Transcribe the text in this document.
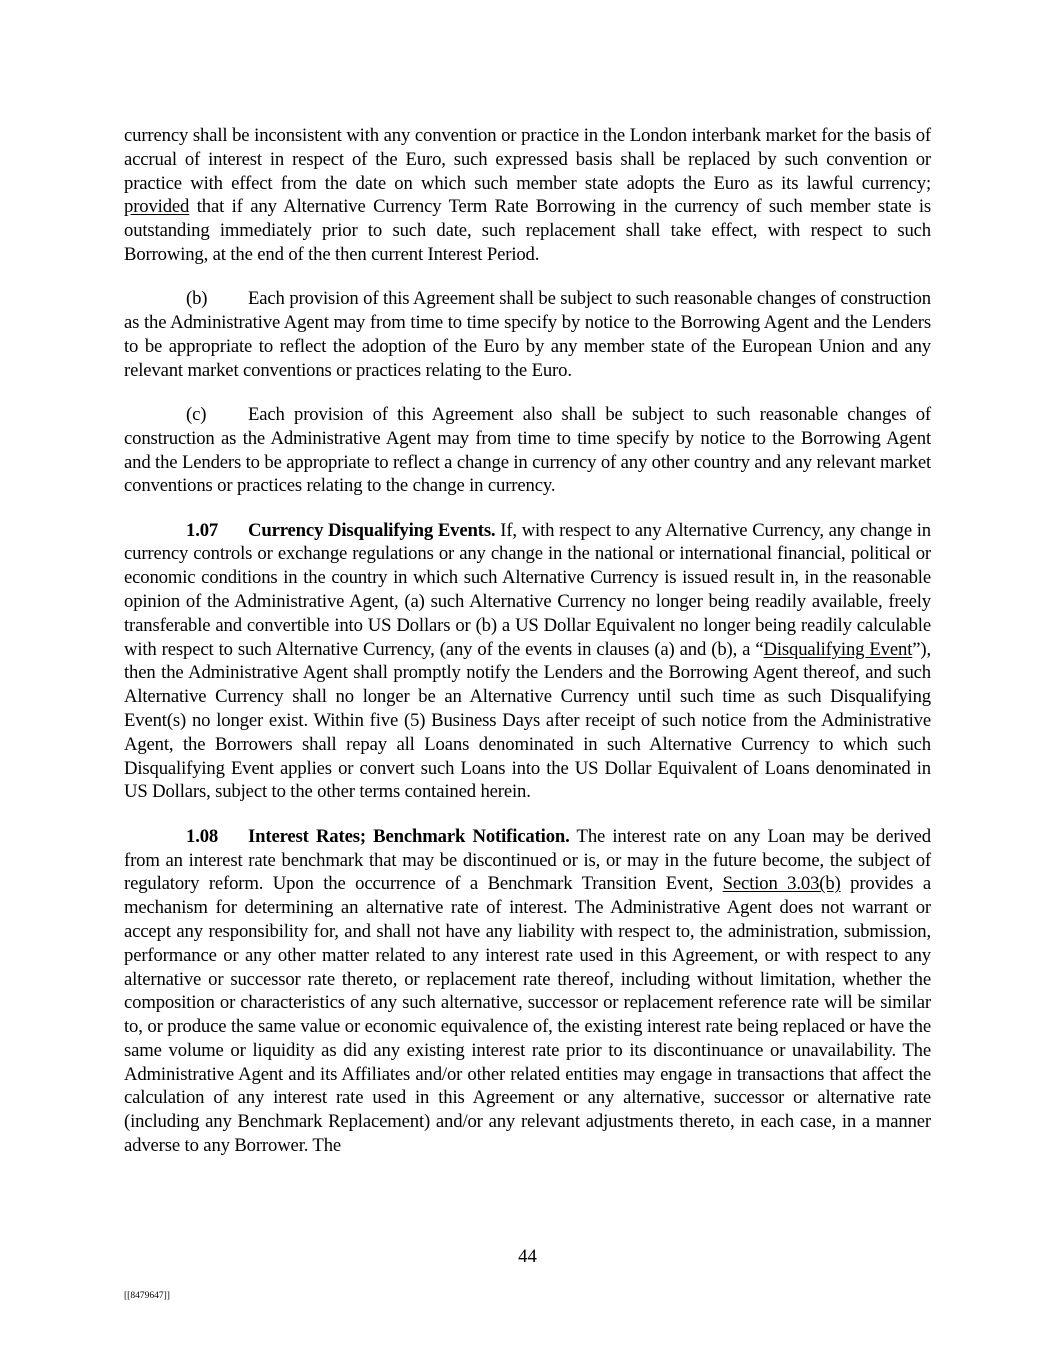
currency shall be inconsistent with any convention or practice in the London interbank market for the basis of accrual of interest in respect of the Euro, such expressed basis shall be replaced by such convention or practice with effect from the date on which such member state adopts the Euro as its lawful currency; provided that if any Alternative Currency Term Rate Borrowing in the currency of such member state is outstanding immediately prior to such date, such replacement shall take effect, with respect to such Borrowing, at the end of the then current Interest Period.

(b) Each provision of this Agreement shall be subject to such reasonable changes of construction as the Administrative Agent may from time to time specify by notice to the Borrowing Agent and the Lenders to be appropriate to reflect the adoption of the Euro by any member state of the European Union and any relevant market conventions or practices relating to the Euro.

(c) Each provision of this Agreement also shall be subject to such reasonable changes of construction as the Administrative Agent may from time to time specify by notice to the Borrowing Agent and the Lenders to be appropriate to reflect a change in currency of any other country and any relevant market conventions or practices relating to the change in currency.

1.07 Currency Disqualifying Events. If, with respect to any Alternative Currency, any change in currency controls or exchange regulations or any change in the national or international financial, political or economic conditions in the country in which such Alternative Currency is issued result in, in the reasonable opinion of the Administrative Agent, (a) such Alternative Currency no longer being readily available, freely transferable and convertible into US Dollars or (b) a US Dollar Equivalent no longer being readily calculable with respect to such Alternative Currency, (any of the events in clauses (a) and (b), a “Disqualifying Event”), then the Administrative Agent shall promptly notify the Lenders and the Borrowing Agent thereof, and such Alternative Currency shall no longer be an Alternative Currency until such time as such Disqualifying Event(s) no longer exist. Within five (5) Business Days after receipt of such notice from the Administrative Agent, the Borrowers shall repay all Loans denominated in such Alternative Currency to which such Disqualifying Event applies or convert such Loans into the US Dollar Equivalent of Loans denominated in US Dollars, subject to the other terms contained herein.

1.08 Interest Rates; Benchmark Notification. The interest rate on any Loan may be derived from an interest rate benchmark that may be discontinued or is, or may in the future become, the subject of regulatory reform. Upon the occurrence of a Benchmark Transition Event, Section 3.03(b) provides a mechanism for determining an alternative rate of interest. The Administrative Agent does not warrant or accept any responsibility for, and shall not have any liability with respect to, the administration, submission, performance or any other matter related to any interest rate used in this Agreement, or with respect to any alternative or successor rate thereto, or replacement rate thereof, including without limitation, whether the composition or characteristics of any such alternative, successor or replacement reference rate will be similar to, or produce the same value or economic equivalence of, the existing interest rate being replaced or have the same volume or liquidity as did any existing interest rate prior to its discontinuance or unavailability. The Administrative Agent and its Affiliates and/or other related entities may engage in transactions that affect the calculation of any interest rate used in this Agreement or any alternative, successor or alternative rate (including any Benchmark Replacement) and/or any relevant adjustments thereto, in each case, in a manner adverse to any Borrower. The

44
[[8479647]]
